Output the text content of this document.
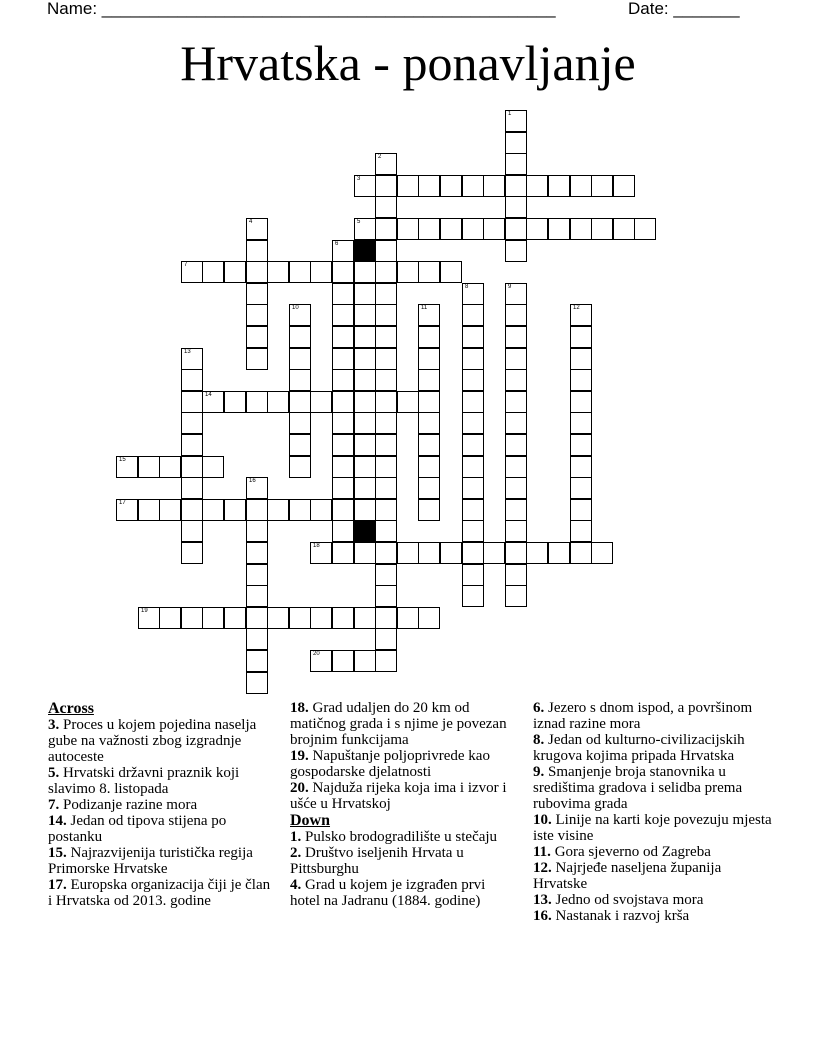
Name: ________________________________________________	Date: _______
Hrvatska - ponavljanje
1
2
3
4	5
6
7
8	9
10	11	12
13
14
15
16
17
18
19
20
Across
3. Proces u kojem pojedina naselja gube na važnosti zbog izgradnje autoceste
5. Hrvatski državni praznik koji slavimo 8. listopada
7. Podizanje razine mora
14. Jedan od tipova stijena po postanku
15. Najrazvijenija turistička regija Primorske Hrvatske
17. Europska organizacija čiji je član i Hrvatska od 2013. godine
18. Grad udaljen do 20 km od matičnog grada i s njime je povezan brojnim funkcijama
19. Napuštanje poljoprivrede kao gospodarske djelatnosti
20. Najduža rijeka koja ima i izvor i ušće u Hrvatskoj
Down
1. Pulsko brodogradilište u stečaju
2. Društvo iseljenih Hrvata u Pittsburghu
4. Grad u kojem je izgrađen prvi hotel na Jadranu (1884. godine)
6. Jezero s dnom ispod, a površinom iznad razine mora
8. Jedan od kulturno-civilizacijskih krugova kojima pripada Hrvatska
9. Smanjenje broja stanovnika u središtima gradova i selidba prema rubovima grada
10. Linije na karti koje povezuju mjesta iste visine
11. Gora sjeverno od Zagreba
12. Najrjeđe naseljena županija Hrvatske
13. Jedno od svojstava mora
16. Nastanak i razvoj krša
